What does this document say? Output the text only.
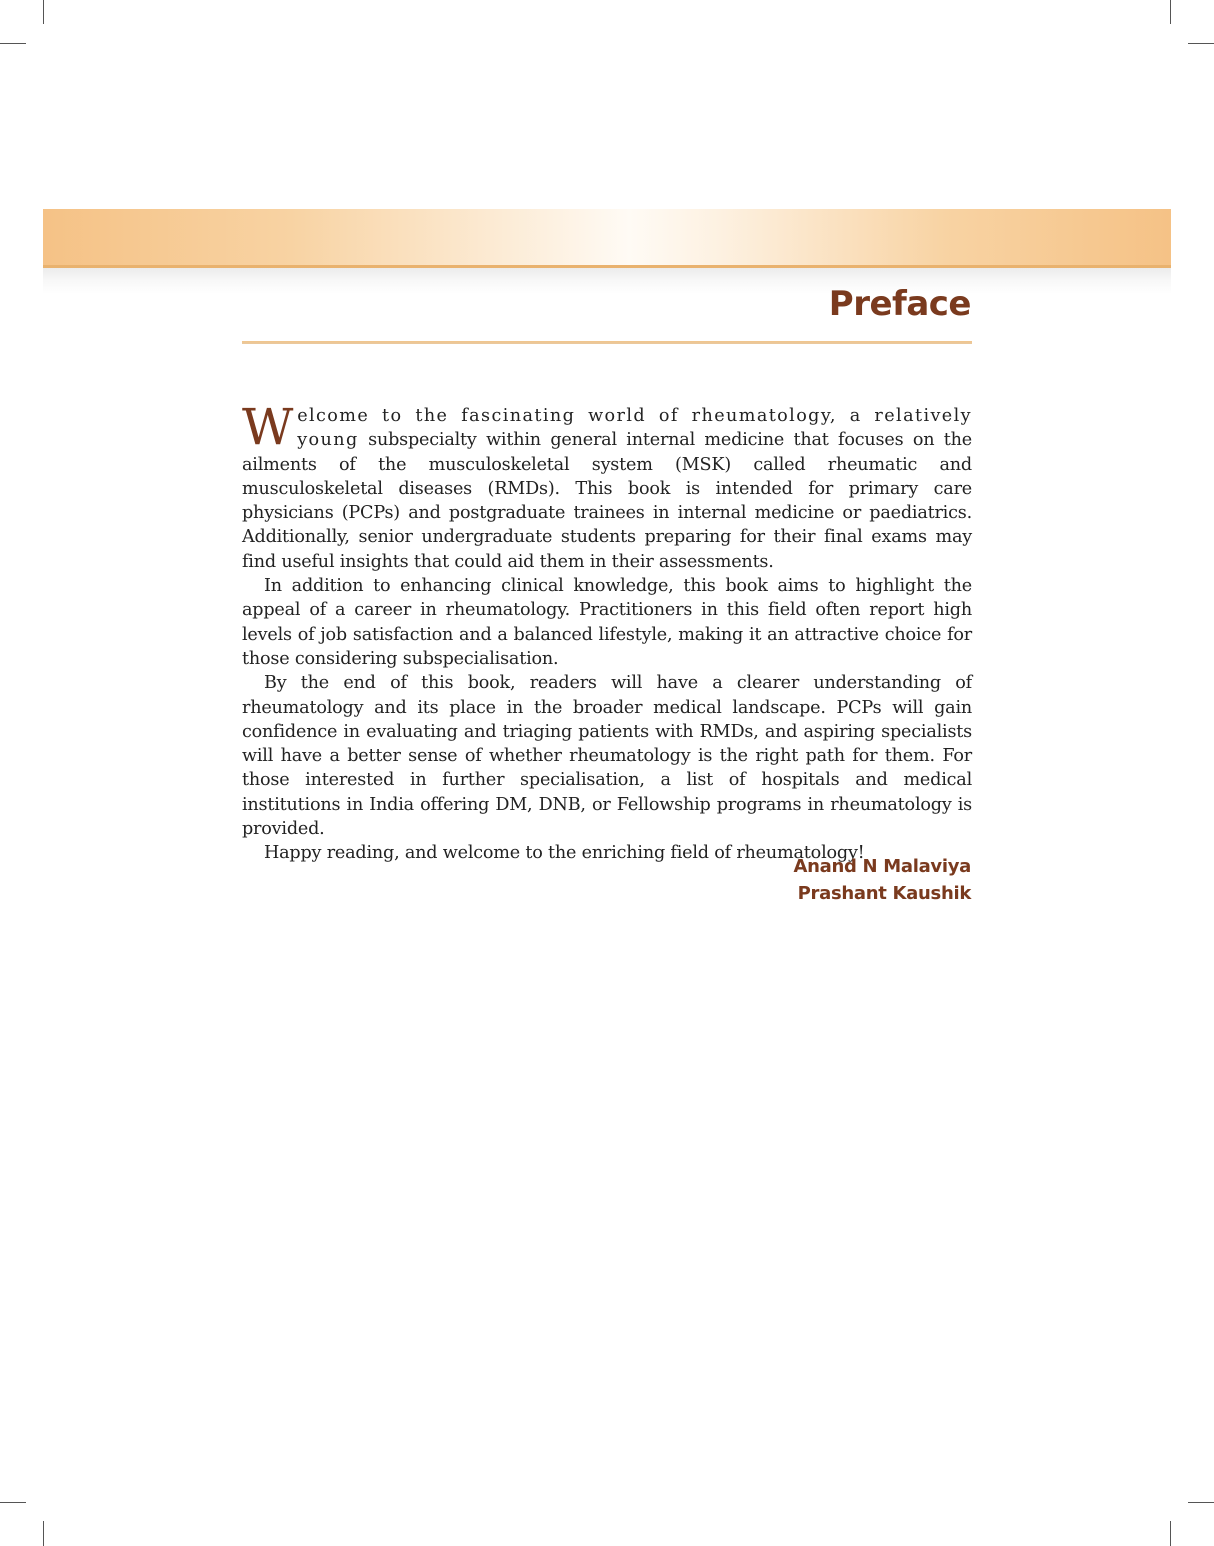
Preface

Welcome to the fascinating world of rheumatology, a relatively young subspecialty within general internal medicine that focuses on the ailments of the musculoskeletal system (MSK) called rheumatic and musculoskeletal diseases (RMDs). This book is intended for primary care physicians (PCPs) and postgraduate trainees in internal medicine or paediatrics. Additionally, senior undergraduate students preparing for their final exams may find useful insights that could aid them in their assessments.

In addition to enhancing clinical knowledge, this book aims to highlight the appeal of a career in rheumatology. Practitioners in this field often report high levels of job satisfaction and a balanced lifestyle, making it an attractive choice for those considering subspecialisation.

By the end of this book, readers will have a clearer understanding of rheumatology and its place in the broader medical landscape. PCPs will gain confidence in evaluating and triaging patients with RMDs, and aspiring specialists will have a better sense of whether rheumatology is the right path for them. For those interested in further specialisation, a list of hospitals and medical institutions in India offering DM, DNB, or Fellowship programs in rheumatology is provided.

Happy reading, and welcome to the enriching field of rheumatology!

Anand N Malaviya
Prashant Kaushik
